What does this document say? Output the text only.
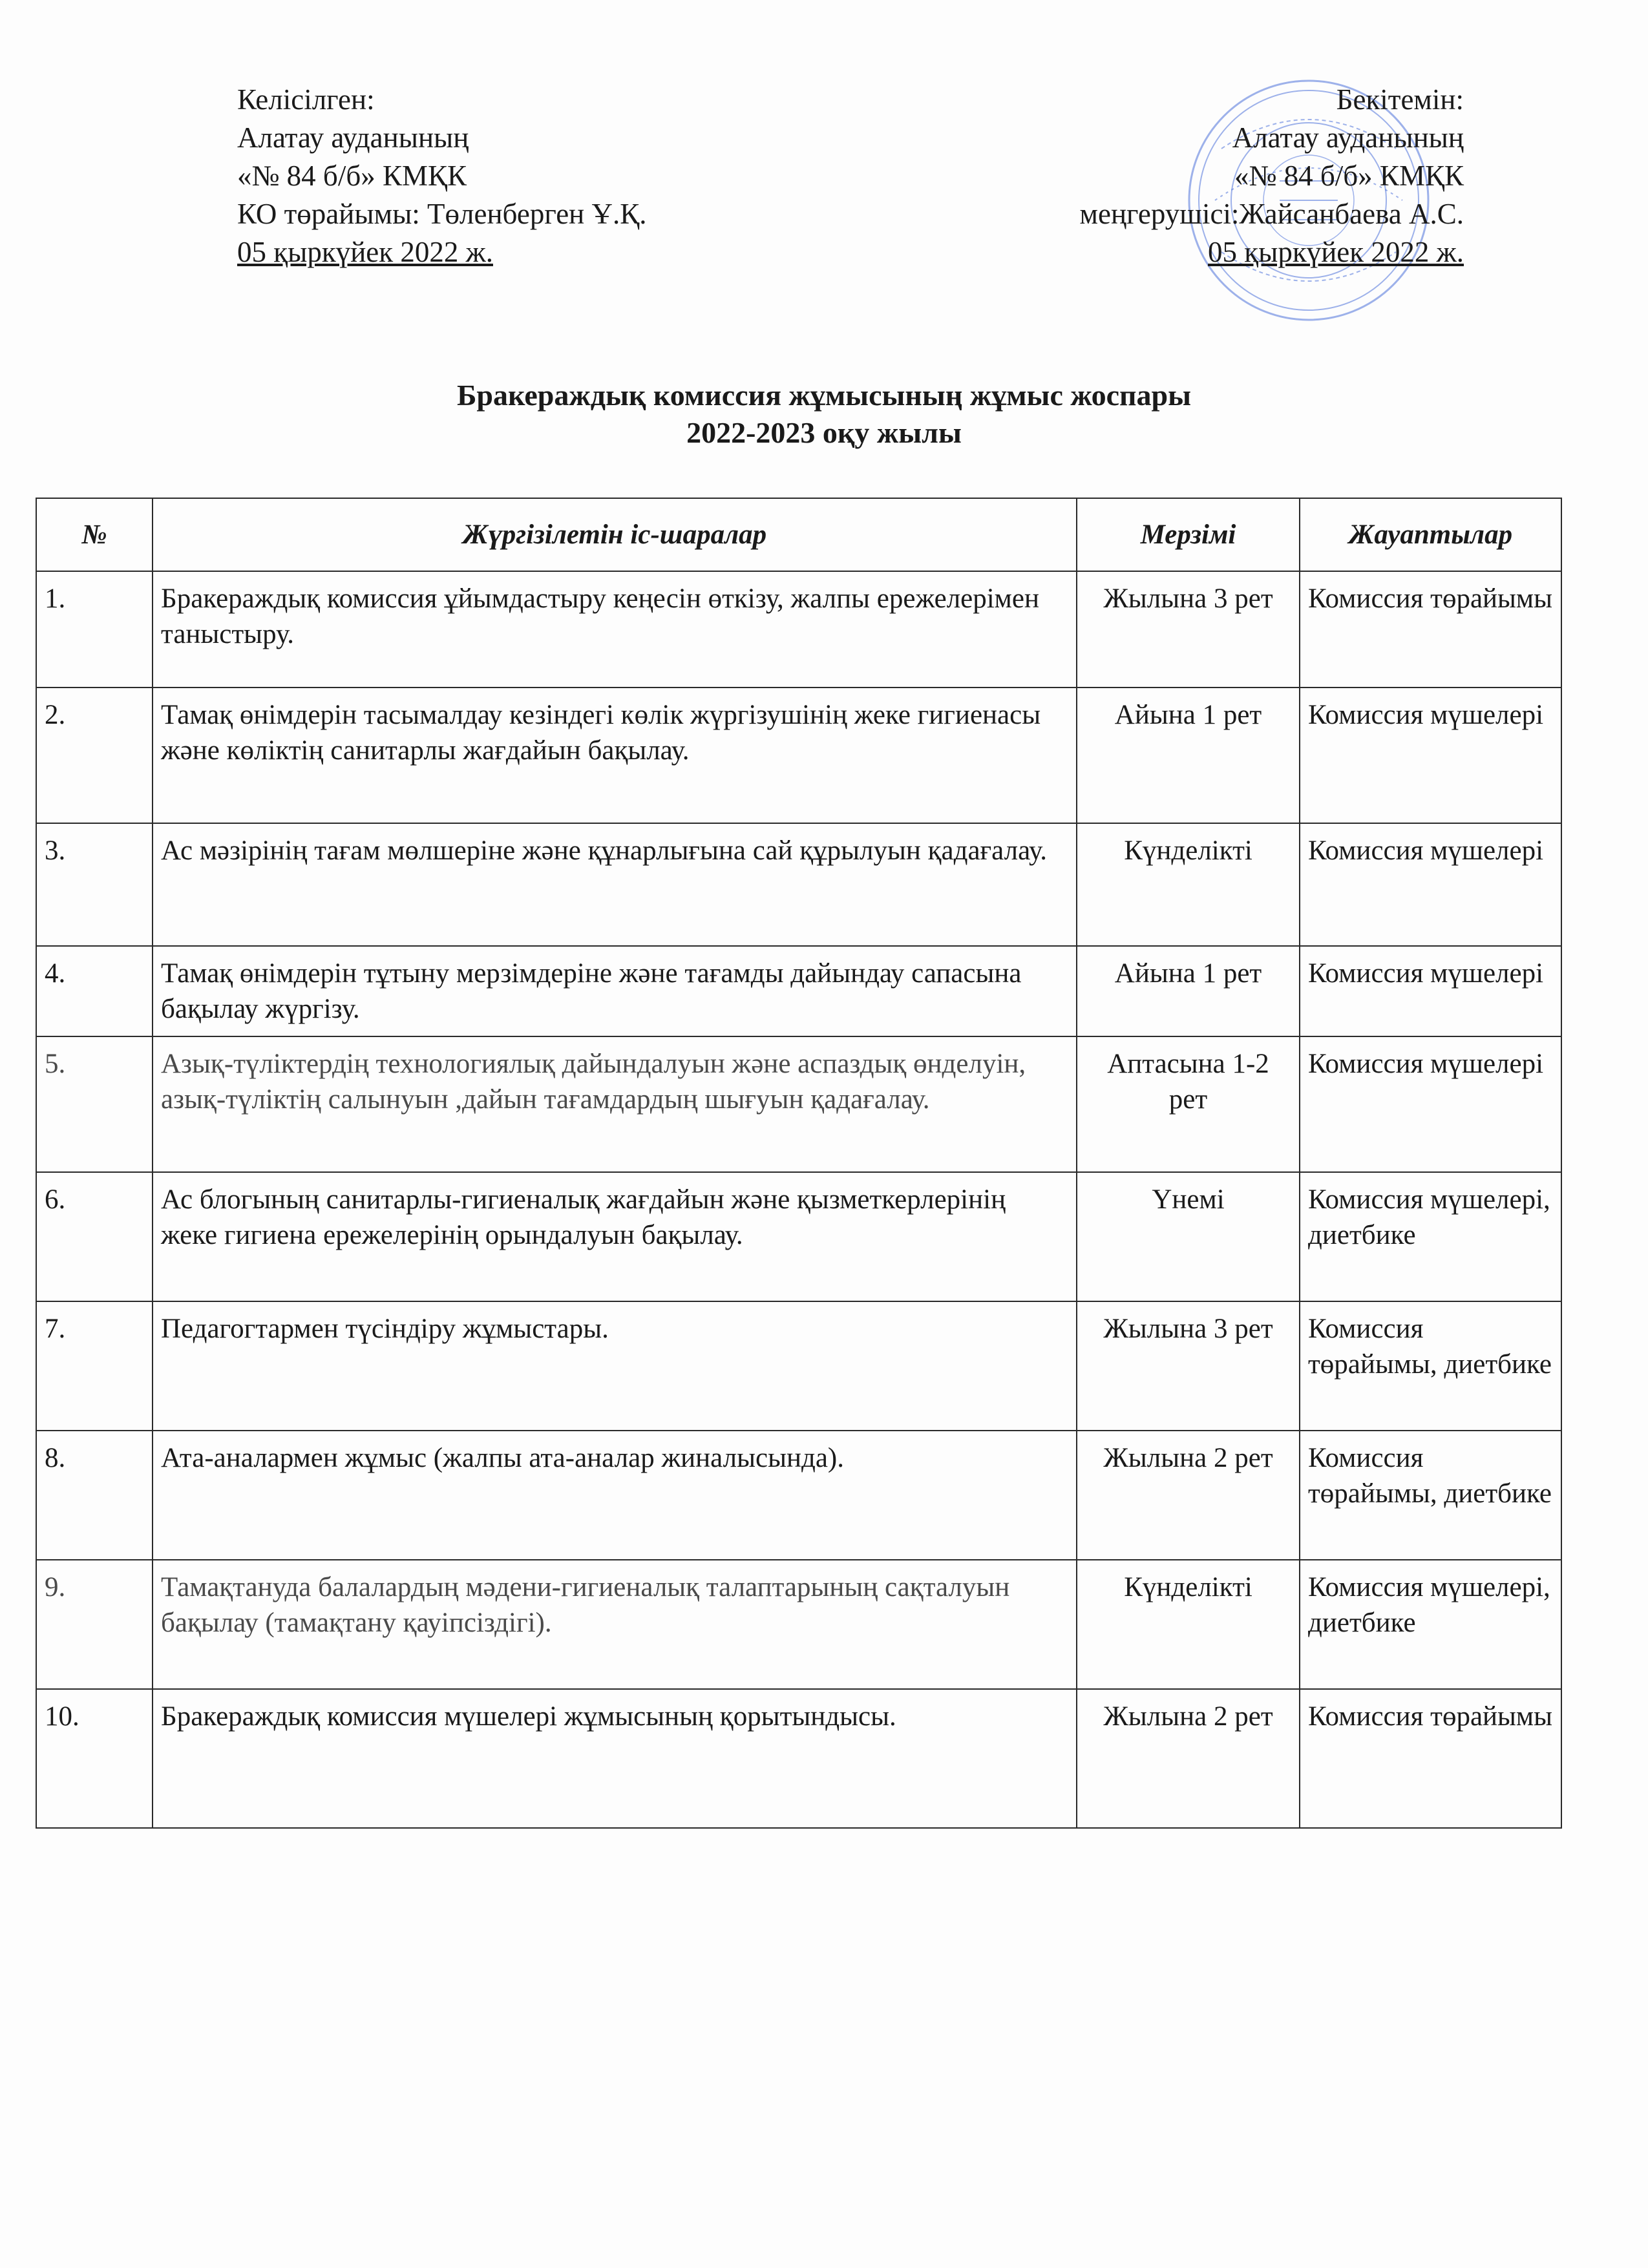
Келісілген:
Алатау ауданының
«№ 84 б/б» КМҚК
КО төрайымы: Төленберген Ұ.Қ.
05 қыркүйек 2022 ж.
Бекітемін:
Алатау ауданының
«№ 84 б/б» КМҚК
меңгерушісі:Жайсанбаева А.С.
05 қыркүйек 2022 ж.
Бракераждық комиссия жұмысының жұмыс жоспары
2022-2023 оқу жылы
№	Жүргізілетін іс-шаралар	Мерзімі	Жауаптылар
1.	Бракераждық комиссия ұйымдастыру кеңесін өткізу, жалпы ережелерімен таныстыру.	Жылына 3 рет	Комиссия төрайымы
2.	Тамақ өнімдерін тасымалдау кезіндегі көлік жүргізушінің жеке гигиенасы және көліктің санитарлы жағдайын бақылау.	Айына 1 рет	Комиссия мүшелері
3.	Ас мәзірінің тағам мөлшеріне және құнарлығына сай құрылуын қадағалау.	Күнделікті	Комиссия мүшелері
4.	Тамақ өнімдерін тұтыну мерзімдеріне және тағамды дайындау сапасына бақылау жүргізу.	Айына 1 рет	Комиссия мүшелері
5.	Азық-түліктердің технологиялық дайындалуын және аспаздық өнделуін, азық-түліктің салынуын ,дайын тағамдардың шығуын қадағалау.	Аптасына 1-2 рет	Комиссия мүшелері
6.	Ас блогының санитарлы-гигиеналық жағдайын және қызметкерлерінің жеке гигиена ережелерінің орындалуын бақылау.	Үнемі	Комиссия мүшелері, диетбике
7.	Педагогтармен түсіндіру жұмыстары.	Жылына 3 рет	Комиссия төрайымы, диетбике
8.	Ата-аналармен жұмыс (жалпы ата-аналар жиналысында).	Жылына 2 рет	Комиссия төрайымы, диетбике
9.	Тамақтануда балалардың мәдени-гигиеналық талаптарының сақталуын бақылау (тамақтану қауіпсіздігі).	Күнделікті	Комиссия мүшелері, диетбике
10.	Бракераждық комиссия мүшелері жұмысының қорытындысы.	Жылына 2 рет	Комиссия төрайымы
